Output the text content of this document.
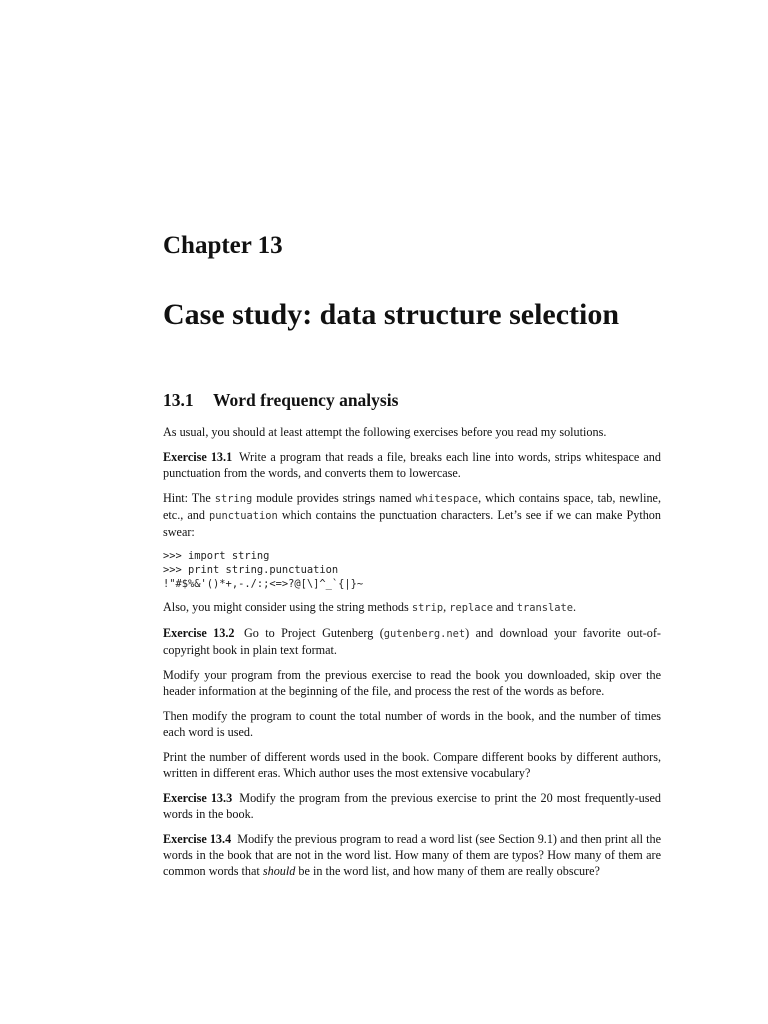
Chapter 13
Case study: data structure selection
13.1 Word frequency analysis

As usual, you should at least attempt the following exercises before you read my solutions.

Exercise 13.1 Write a program that reads a file, breaks each line into words, strips whitespace and punctuation from the words, and converts them to lowercase.

Hint: The string module provides strings named whitespace, which contains space, tab, newline, etc., and punctuation which contains the punctuation characters. Let’s see if we can make Python swear:

>>> import string
>>> print string.punctuation
!"#$%&'()*+,-./:;<=>?@[\]^_`{|}~

Also, you might consider using the string methods strip, replace and translate.

Exercise 13.2 Go to Project Gutenberg (gutenberg.net) and download your favorite out-of-copyright book in plain text format.

Modify your program from the previous exercise to read the book you downloaded, skip over the header information at the beginning of the file, and process the rest of the words as before.

Then modify the program to count the total number of words in the book, and the number of times each word is used.

Print the number of different words used in the book. Compare different books by different authors, written in different eras. Which author uses the most extensive vocabulary?

Exercise 13.3 Modify the program from the previous exercise to print the 20 most frequently-used words in the book.

Exercise 13.4 Modify the previous program to read a word list (see Section 9.1) and then print all the words in the book that are not in the word list. How many of them are typos? How many of them are common words that should be in the word list, and how many of them are really obscure?
